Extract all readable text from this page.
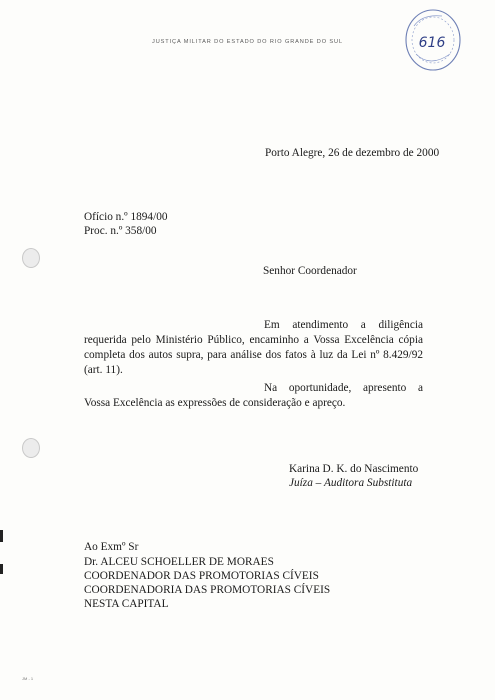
JUSTIÇA MILITAR DO ESTADO DO RIO GRANDE DO SUL	616
Porto Alegre, 26 de dezembro de 2000
Ofício n.º 1894/00
Proc. n.º 358/00
Senhor Coordenador
Em atendimento a diligência requerida pelo Ministério Público, encaminho a Vossa Excelência cópia completa dos autos supra, para análise dos fatos à luz da Lei nº 8.429/92 (art. 11).
Na oportunidade, apresento a Vossa Excelência as expressões de consideração e apreço.
Karina D. K. do Nascimento
Juíza – Auditora Substituta
Ao Exmº Sr
Dr. ALCEU SCHOELLER DE MORAES
COORDENADOR DAS PROMOTORIAS CÍVEIS
COORDENADORIA DAS PROMOTORIAS CÍVEIS
NESTA CAPITAL
JM - 1
